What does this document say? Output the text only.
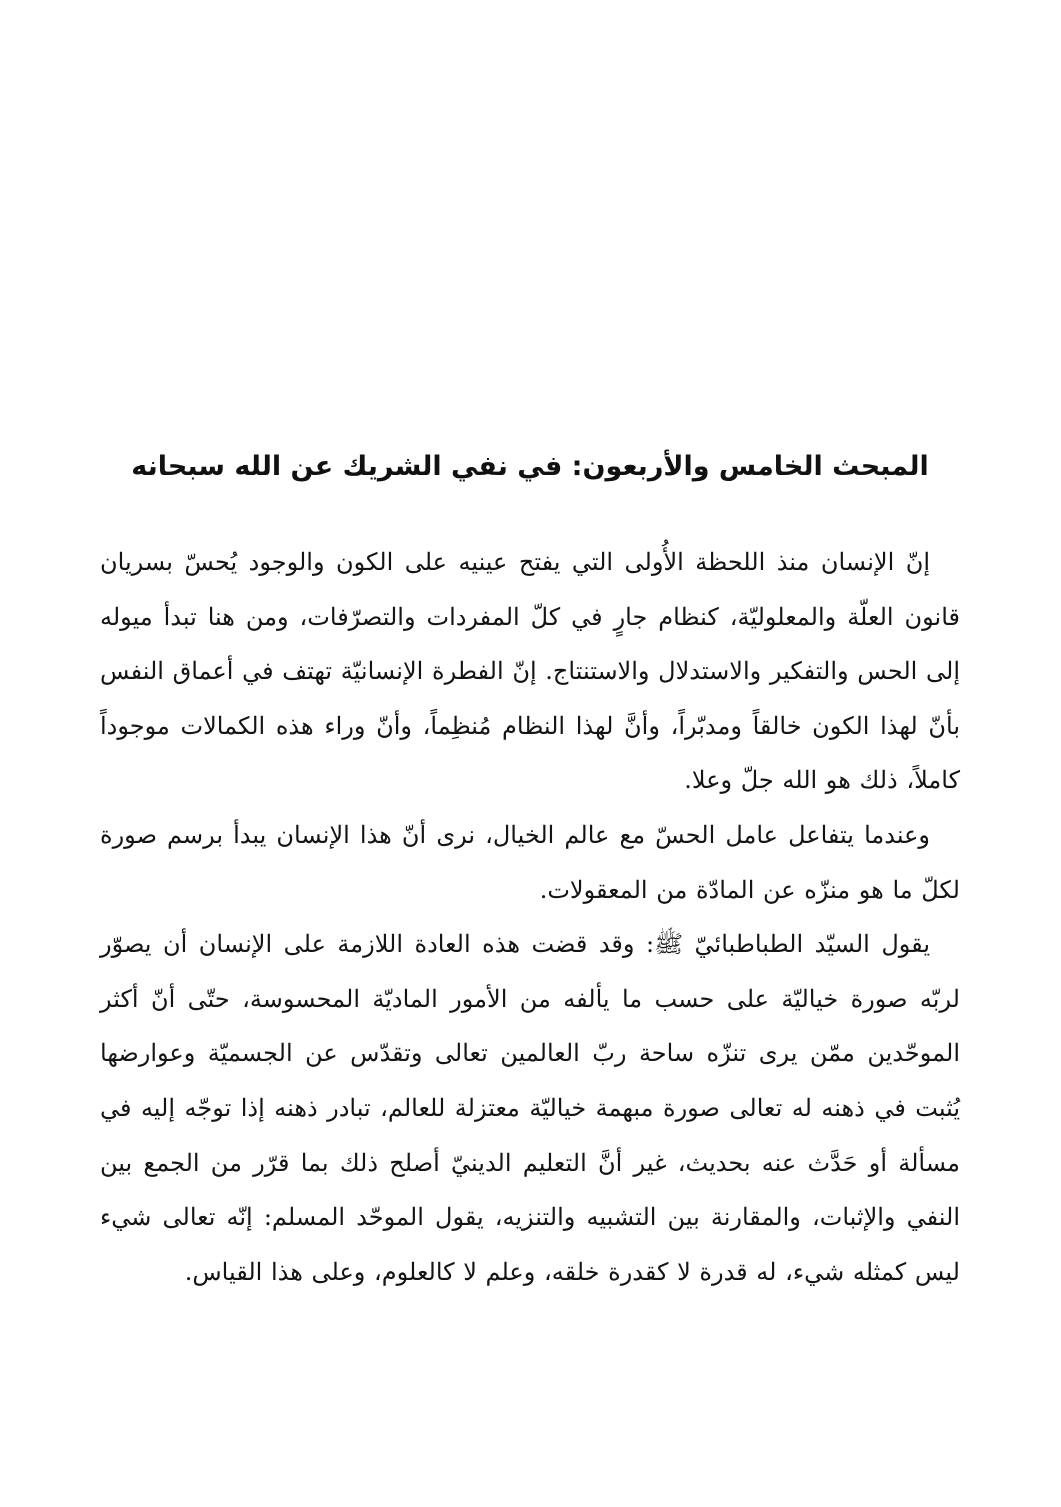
المبحث الخامس والأربعون: في نفي الشريك عن الله سبحانه

إنّ الإنسان منذ اللحظة الأُولى التي يفتح عينيه على الكون والوجود يُحسّ بسريان قانون العلّة والمعلوليّة، كنظام جارٍ في كلّ المفردات والتصرّفات، ومن هنا تبدأ ميوله إلى الحس والتفكير والاستدلال والاستنتاج. إنّ الفطرة الإنسانيّة تهتف في أعماق النفس بأنّ لهذا الكون خالقاً ومدبّراً، وأنَّ لهذا النظام مُنظِماً، وأنّ وراء هذه الكمالات موجوداً كاملاً، ذلك هو الله جلّ وعلا.

وعندما يتفاعل عامل الحسّ مع عالم الخيال، نرى أنّ هذا الإنسان يبدأ برسم صورة لكلّ ما هو منزّه عن المادّة من المعقولات.

يقول السيّد الطباطبائيّ ﷺ: وقد قضت هذه العادة اللازمة على الإنسان أن يصوّر لربّه صورة خياليّة على حسب ما يألفه من الأمور الماديّة المحسوسة، حتّى أنّ أكثر الموحّدين ممّن يرى تنزّه ساحة ربّ العالمين تعالى وتقدّس عن الجسميّة وعوارضها يُثبت في ذهنه له تعالى صورة مبهمة خياليّة معتزلة للعالم، تبادر ذهنه إذا توجّه إليه في مسألة أو حَدَّث عنه بحديث، غير أنَّ التعليم الدينيّ أصلح ذلك بما قرّر من الجمع بين النفي والإثبات، والمقارنة بين التشبيه والتنزيه، يقول الموحّد المسلم: إنّه تعالى شيء ليس كمثله شيء، له قدرة لا كقدرة خلقه، وعلم لا كالعلوم، وعلى هذا القياس.
